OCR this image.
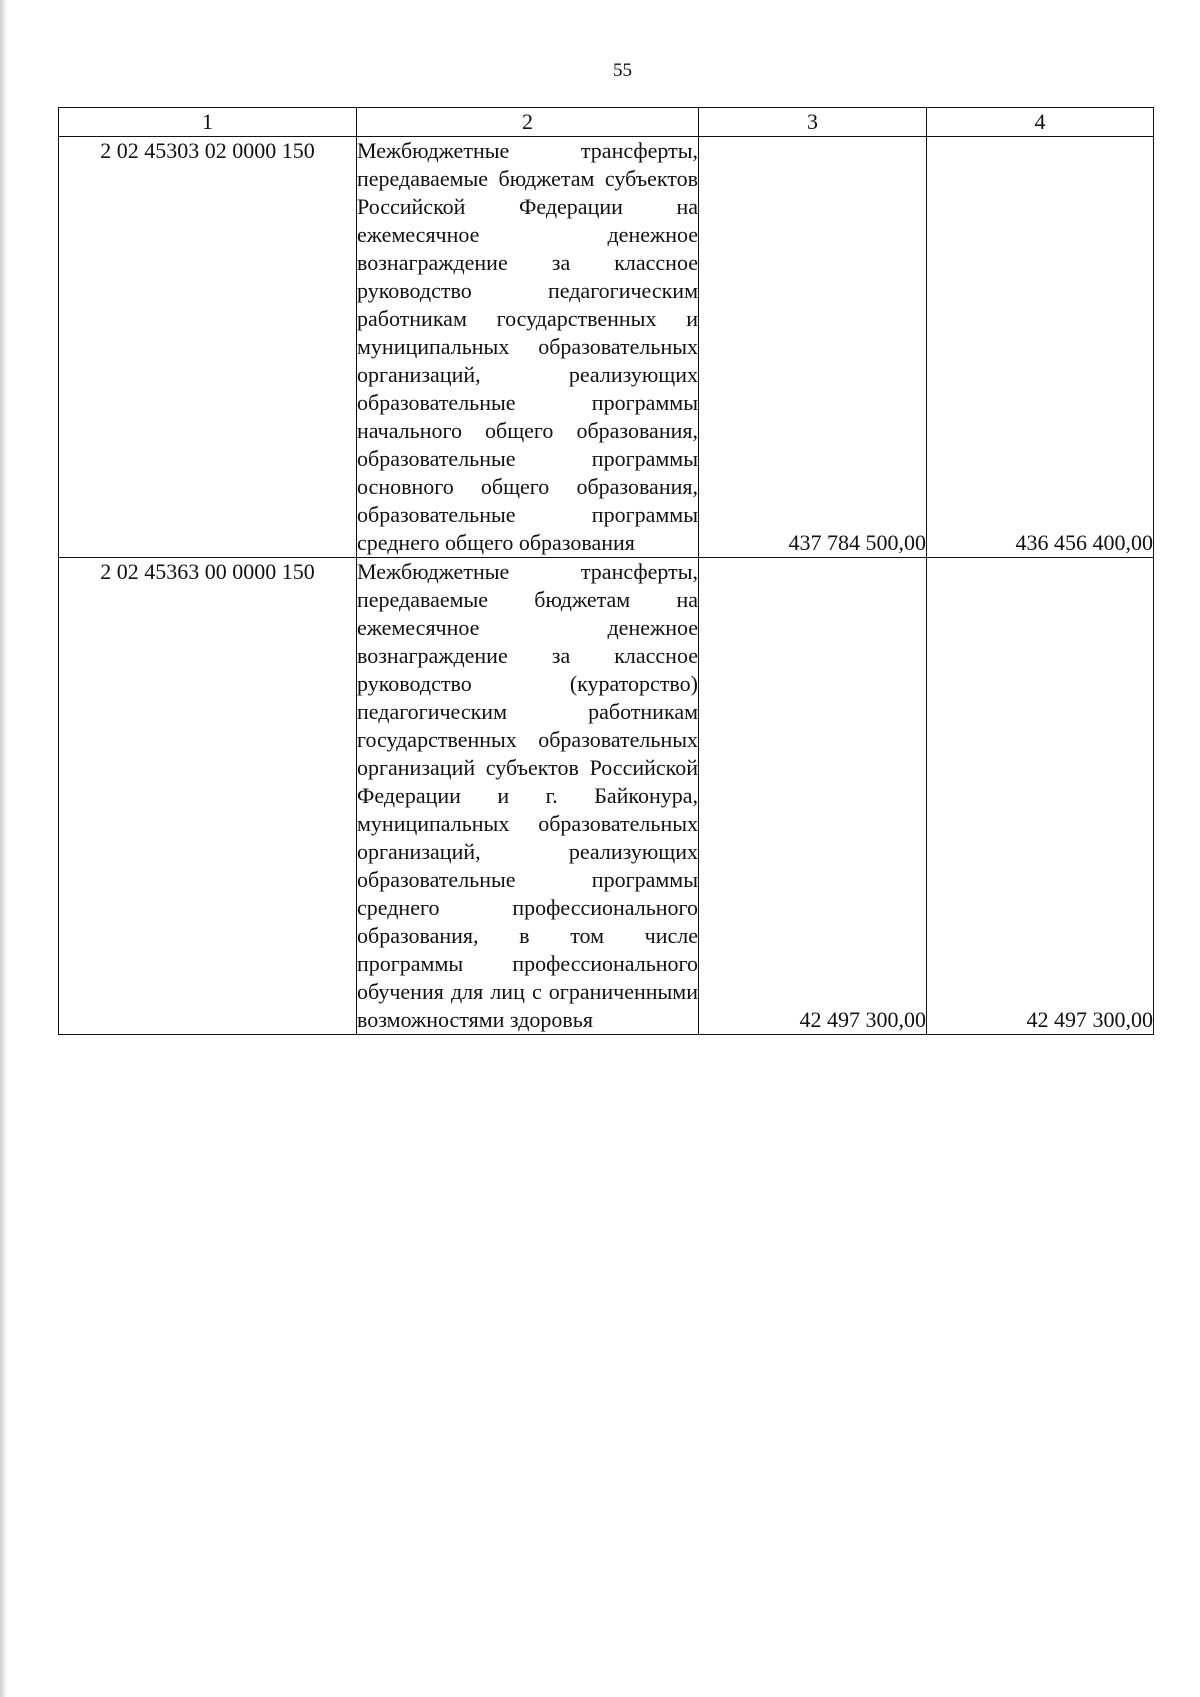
55
1	2	3	4
2 02 45303 02 0000 150	Межбюджетные трансферты, передаваемые бюджетам субъектов Российской Федерации на ежемесячное денежное вознаграждение за классное руководство педагогическим работникам государственных и муниципальных образовательных организаций, реализующих образовательные программы начального общего образования, образовательные программы основного общего образования, образовательные программы среднего общего образования	437 784 500,00	436 456 400,00
2 02 45363 00 0000 150	Межбюджетные трансферты, передаваемые бюджетам на ежемесячное денежное вознаграждение за классное руководство (кураторство) педагогическим работникам государственных образовательных организаций субъектов Российской Федерации и г. Байконура, муниципальных образовательных организаций, реализующих образовательные программы среднего профессионального образования, в том числе программы профессионального обучения для лиц с ограниченными возможностями здоровья	42 497 300,00	42 497 300,00
